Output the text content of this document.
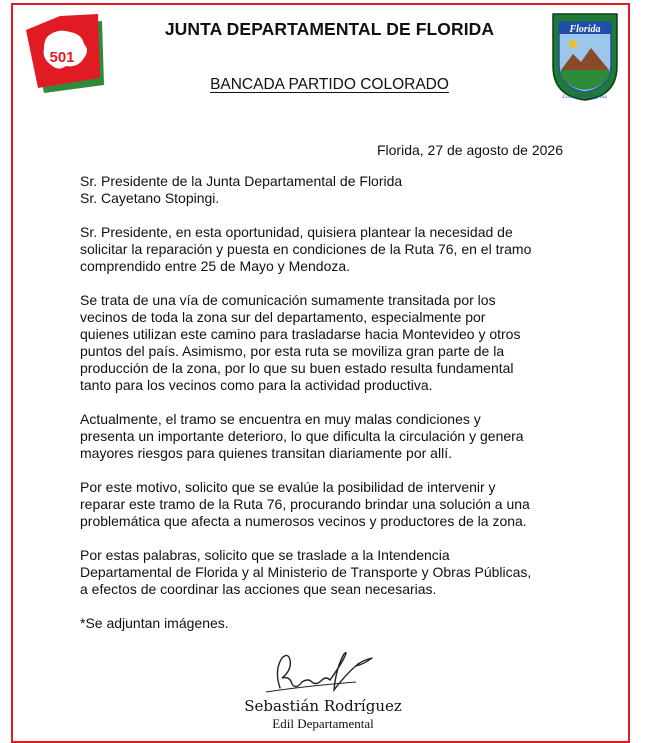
501
Florida
Libertad y Progreso
JUNTA DEPARTAMENTAL DE FLORIDA
BANCADA PARTIDO COLORADO
Florida, 27 de agosto de 2026

Sr. Presidente de la Junta Departamental de Florida
Sr. Cayetano Stopingi.

Sr. Presidente, en esta oportunidad, quisiera plantear la necesidad de
solicitar la reparación y puesta en condiciones de la Ruta 76, en el tramo
comprendido entre 25 de Mayo y Mendoza.

Se trata de una vía de comunicación sumamente transitada por los
vecinos de toda la zona sur del departamento, especialmente por
quienes utilizan este camino para trasladarse hacia Montevideo y otros
puntos del país. Asimismo, por esta ruta se moviliza gran parte de la
producción de la zona, por lo que su buen estado resulta fundamental
tanto para los vecinos como para la actividad productiva.

Actualmente, el tramo se encuentra en muy malas condiciones y
presenta un importante deterioro, lo que dificulta la circulación y genera
mayores riesgos para quienes transitan diariamente por allí.

Por este motivo, solicito que se evalúe la posibilidad de intervenir y
reparar este tramo de la Ruta 76, procurando brindar una solución a una
problemática que afecta a numerosos vecinos y productores de la zona.

Por estas palabras, solicito que se traslade a la Intendencia
Departamental de Florida y al Ministerio de Transporte y Obras Públicas,
a efectos de coordinar las acciones que sean necesarias.

*Se adjuntan imágenes.

Sebastián Rodríguez
Edil Departamental
